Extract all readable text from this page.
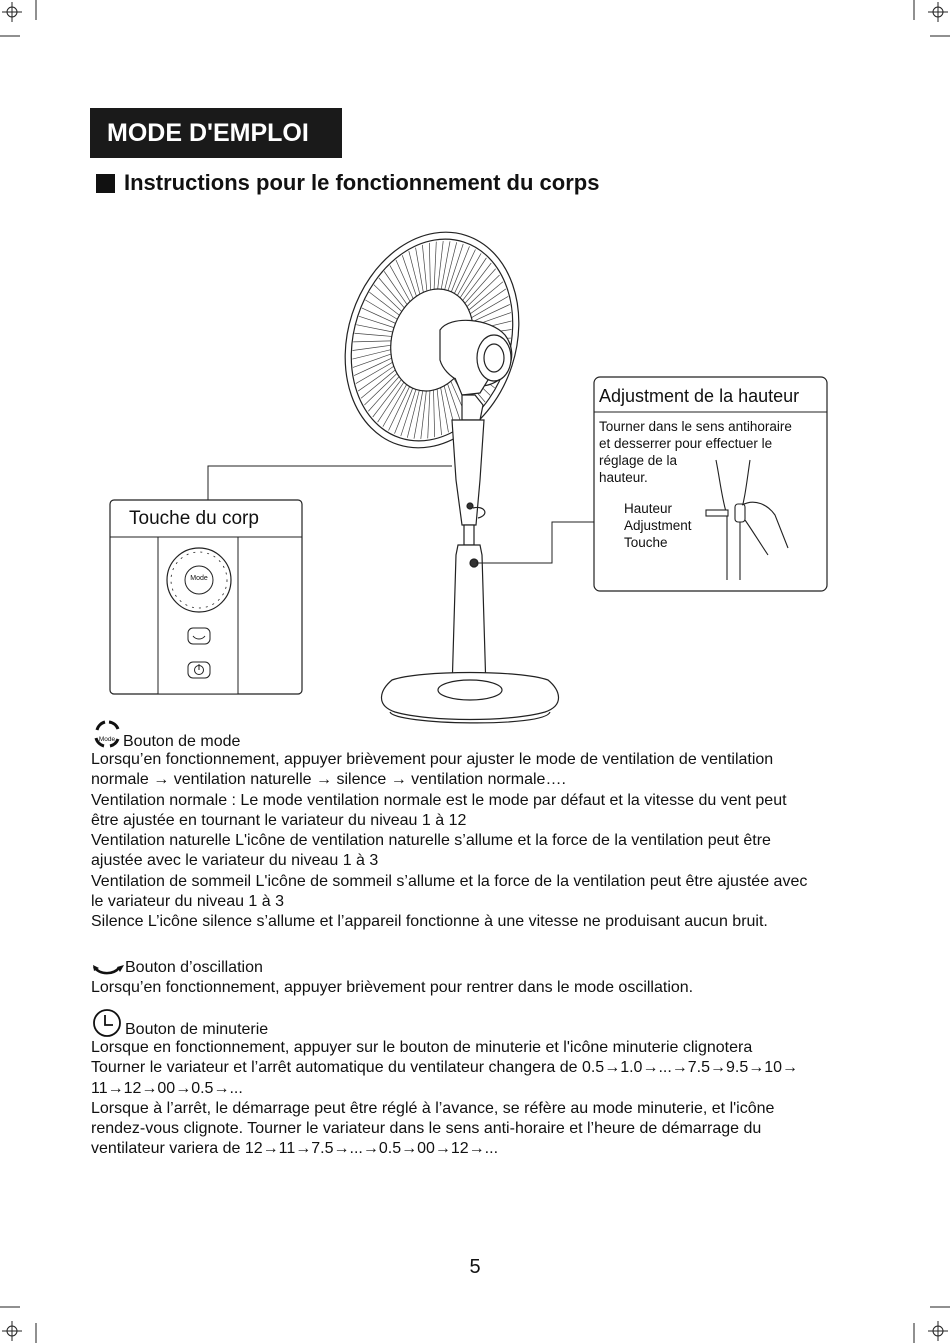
MODE D'EMPLOI
Instructions pour le fonctionnement du corps
Touche du corp
Mode
Adjustment de la hauteur
Tourner dans le sens antihoraire
et desserrer pour effectuer le
réglage de la
hauteur.
Hauteur
Adjustment
Touche
Mode Bouton de mode

Lorsqu’en fonctionnement, appuyer brièvement pour ajuster le mode de ventilation de ventilation

normale → ventilation naturelle → silence → ventilation normale….

Ventilation normale : Le mode ventilation normale est le mode par défaut et la vitesse du vent peut

être ajustée en tournant le variateur du niveau 1 à 12

Ventilation naturelle L'icône de ventilation naturelle s’allume et la force de la ventilation peut être

ajustée avec le variateur du niveau 1 à 3

Ventilation de sommeil L'icône de sommeil s’allume et la force de la ventilation peut être ajustée avec

le variateur du niveau 1 à 3

Silence L’icône silence s’allume et l’appareil fonctionne à une vitesse ne produisant aucun bruit.

Bouton d’oscillation

Lorsqu’en fonctionnement, appuyer brièvement pour rentrer dans le mode oscillation.

Bouton de minuterie

Lorsque en fonctionnement, appuyer sur le bouton de minuterie et l'icône minuterie clignotera

Tourner le variateur et l’arrêt automatique du ventilateur changera de 0.5→1.0→...→7.5→9.5→10→

11→12→00→0.5→...

Lorsque à l’arrêt, le démarrage peut être réglé à l’avance, se réfère au mode minuterie, et l'icône

rendez-vous clignote. Tourner le variateur dans le sens anti-horaire et l’heure de démarrage du

ventilateur variera de 12→11→7.5→...→0.5→00→12→...

5
